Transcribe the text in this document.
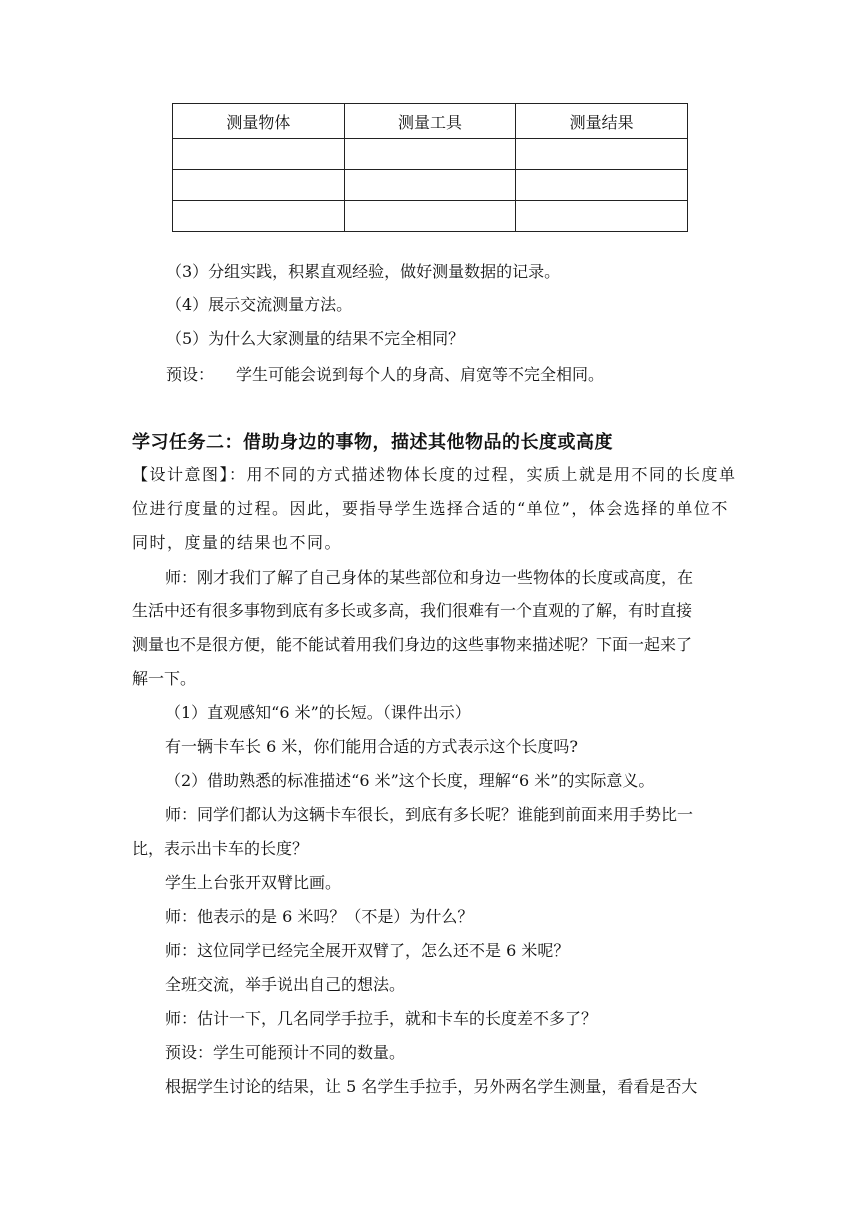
测量物体	测量工具	测量结果

（3）分组实践，积累直观经验，做好测量数据的记录。
（4）展示交流测量方法。
（5）为什么大家测量的结果不完全相同？
预设： 学生可能会说到每个人的身高、肩宽等不完全相同。
学习任务二：借助身边的事物，描述其他物品的长度或高度
【设计意图】：用不同的方式描述物体长度的过程，实质上就是用不同的长度单
位进行度量的过程。因此，要指导学生选择合适的“单位”，体会选择的单位不
同时，度量的结果也不同。
师：刚才我们了解了自己身体的某些部位和身边一些物体的长度或高度，在
生活中还有很多事物到底有多长或多高，我们很难有一个直观的了解，有时直接
测量也不是很方便，能不能试着用我们身边的这些事物来描述呢？下面一起来了
解一下。
（1）直观感知“6 米”的长短。（课件出示）
有一辆卡车长 6 米，你们能用合适的方式表示这个长度吗?
（2）借助熟悉的标准描述“6 米”这个长度，理解“6 米”的实际意义。
师：同学们都认为这辆卡车很长，到底有多长呢？谁能到前面来用手势比一
比，表示出卡车的长度？
学生上台张开双臂比画。
师：他表示的是 6 米吗？（不是）为什么？
师：这位同学已经完全展开双臂了，怎么还不是 6 米呢？
全班交流，举手说出自己的想法。
师：估计一下，几名同学手拉手，就和卡车的长度差不多了？
预设：学生可能预计不同的数量。
根据学生讨论的结果，让 5 名学生手拉手，另外两名学生测量，看看是否大
